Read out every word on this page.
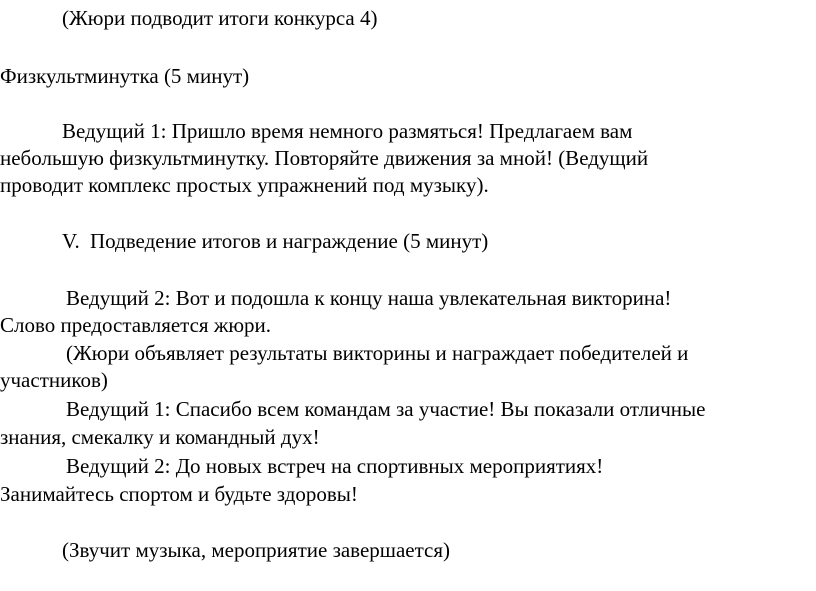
(Жюри подводит итоги конкурса 4)
Физкультминутка (5 минут)
Ведущий 1: Пришло время немного размяться! Предлагаем вам
небольшую физкультминутку. Повторяйте движения за мной! (Ведущий
проводит комплекс простых упражнений под музыку).
V. Подведение итогов и награждение (5 минут)
Ведущий 2: Вот и подошла к концу наша увлекательная викторина!
Слово предоставляется жюри.
(Жюри объявляет результаты викторины и награждает победителей и
участников)
Ведущий 1: Спасибо всем командам за участие! Вы показали отличные
знания, смекалку и командный дух!
Ведущий 2: До новых встреч на спортивных мероприятиях!
Занимайтесь спортом и будьте здоровы!
(Звучит музыка, мероприятие завершается)
